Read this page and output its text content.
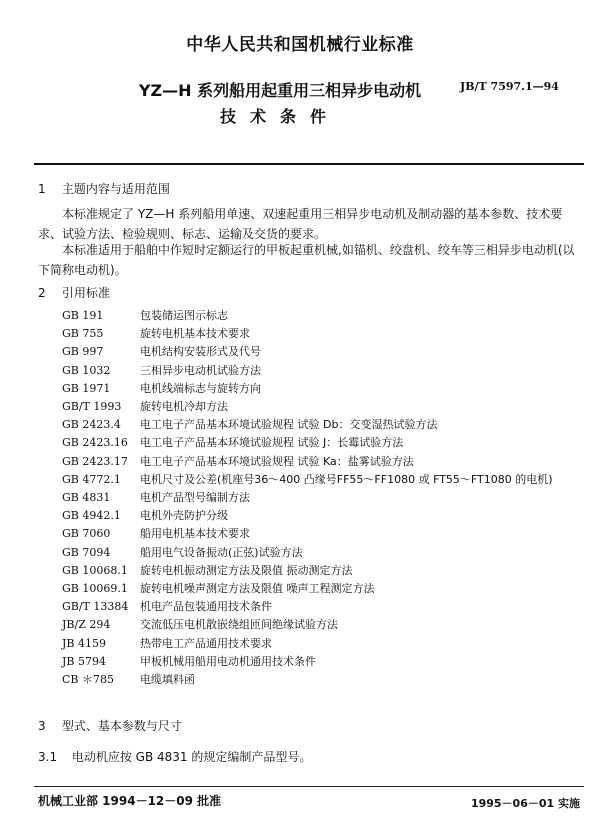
中华人民共和国机械行业标准
YZ—H 系列船用起重用三相异步电动机
技术条件
JB/T 7597.1—94
1 主题内容与适用范围
本标准规定了 YZ—H 系列船用单速、双速起重用三相异步电动机及制动器的基本参数、技术要求、试验方法、检验规则、标志、运输及交货的要求。
本标准适用于船舶中作短时定额运行的甲板起重机械,如锚机、绞盘机、绞车等三相异步电动机(以下简称电动机)。
2 引用标准
GB 191	包装储运图示标志
GB 755	旋转电机基本技术要求
GB 997	电机结构安装形式及代号
GB 1032	三相异步电动机试验方法
GB 1971	电机线端标志与旋转方向
GB/T 1993	旋转电机冷却方法
GB 2423.4	电工电子产品基本环境试验规程 试验 Db：交变湿热试验方法
GB 2423.16	电工电子产品基本环境试验规程 试验 J：长霉试验方法
GB 2423.17	电工电子产品基本环境试验规程 试验 Ka：盐雾试验方法
GB 4772.1	电机尺寸及公差(机座号36～400 凸缘号FF55～FF1080 或 FT55～FT1080 的电机)
GB 4831	电机产品型号编制方法
GB 4942.1	电机外壳防护分级
GB 7060	船用电机基本技术要求
GB 7094	船用电气设备振动(正弦)试验方法
GB 10068.1	旋转电机振动测定方法及限值 振动测定方法
GB 10069.1	旋转电机噪声测定方法及限值 噪声工程测定方法
GB/T 13384	机电产品包装通用技术条件
JB/Z 294	交流低压电机散嵌绕组匝间绝缘试验方法
JB 4159	热带电工产品通用技术要求
JB 5794	甲板机械用船用电动机通用技术条件
CB ＊785	电缆填料函
3 型式、基本参数与尺寸
3.1 电动机应按 GB 4831 的规定编制产品型号。
机械工业部 1994－12－09 批准	1995－06－01 实施
